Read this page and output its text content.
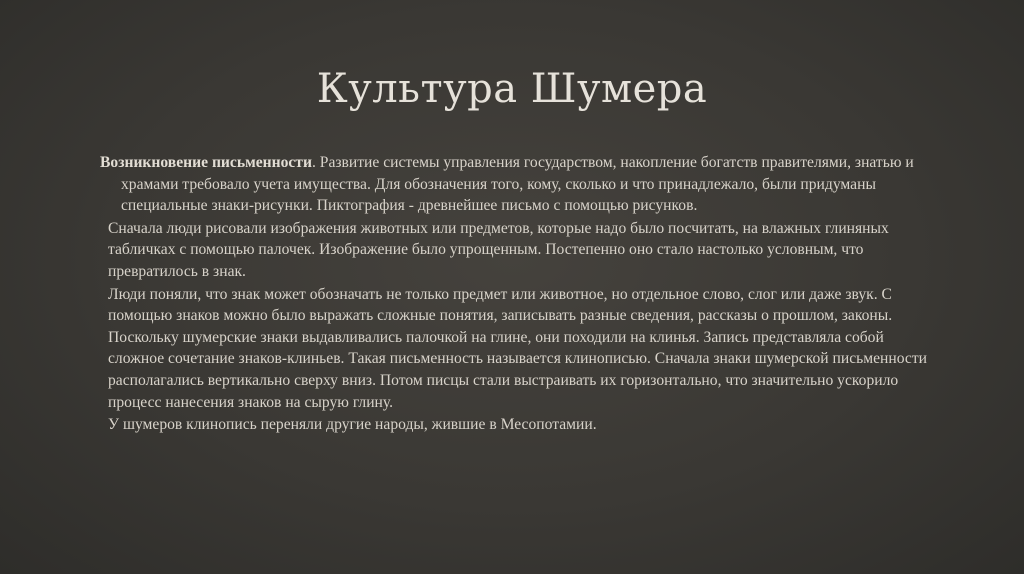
Культура Шумера

Возникновение письменности. Развитие системы управления государством, накопление богатств правителями, знатью и храмами требовало учета имущества. Для обозначения того, кому, сколько и что принадлежало, были придуманы специальные знаки-рисунки. Пиктография - древнейшее письмо с помощью рисунков.

Сначала люди рисовали изображения животных или предметов, которые надо было посчитать, на влажных глиняных табличках с помощью палочек. Изображение было упрощенным. Постепенно оно стало настолько условным, что превратилось в знак.

Люди поняли, что знак может обозначать не только предмет или животное, но отдельное слово, слог или даже звук. С помощью знаков можно было выражать сложные понятия, записывать разные сведения, рассказы о прошлом, законы. Поскольку шумерские знаки выдавливались палочкой на глине, они походили на клинья. Запись представляла собой сложное сочетание знаков-клиньев. Такая письменность называется клинописью. Сначала знаки шумерской письменности располагались вертикально сверху вниз. Потом писцы стали выстраивать их горизонтально, что значительно ускорило процесс нанесения знаков на сырую глину.

У шумеров клинопись переняли другие народы, жившие в Месопотамии.
